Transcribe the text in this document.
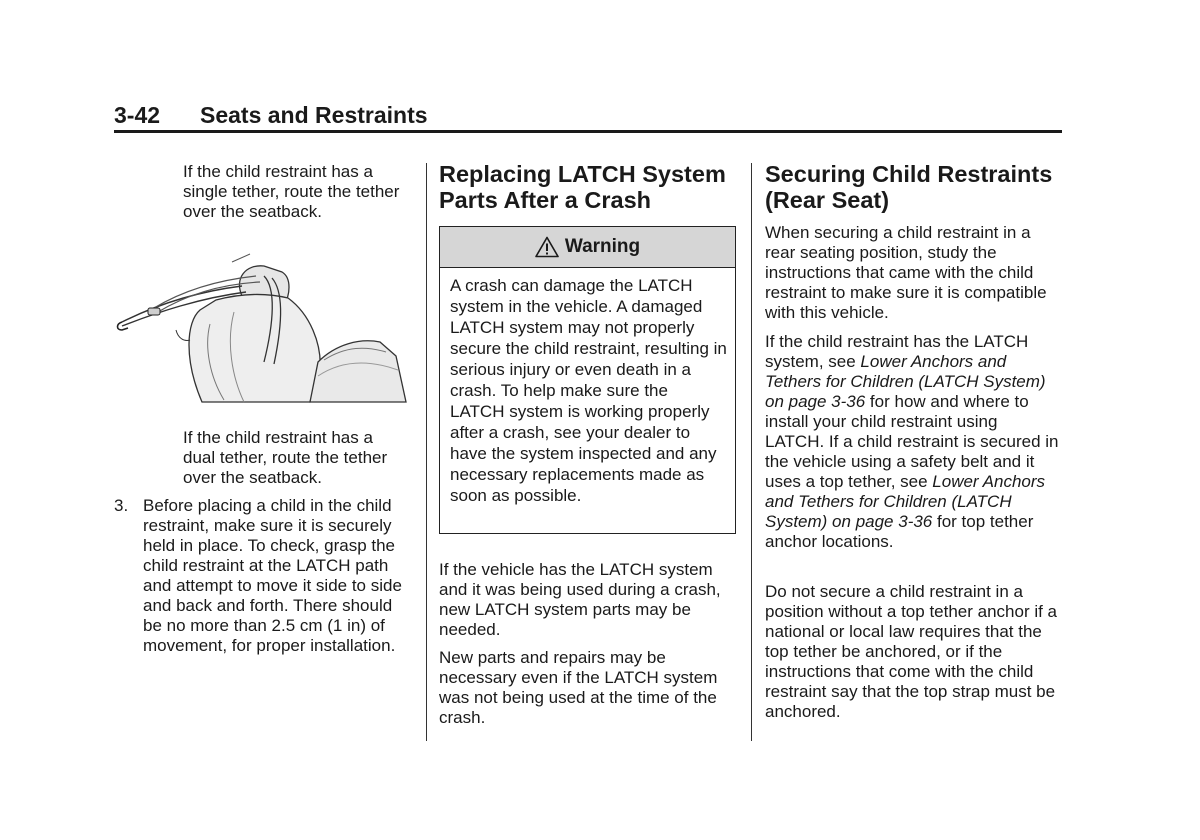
3-42 Seats and Restraints

If the child restraint has a single tether, route the tether over the seatback.

If the child restraint has a dual tether, route the tether over the seatback.

3. Before placing a child in the child restraint, make sure it is securely held in place. To check, grasp the child restraint at the LATCH path and attempt to move it side to side and back and forth. There should be no more than 2.5 cm (1 in) of movement, for proper installation.

Replacing LATCH System Parts After a Crash
Warning

A crash can damage the LATCH system in the vehicle. A damaged LATCH system may not properly secure the child restraint, resulting in serious injury or even death in a crash. To help make sure the LATCH system is working properly after a crash, see your dealer to have the system inspected and any necessary replacements made as soon as possible.

If the vehicle has the LATCH system and it was being used during a crash, new LATCH system parts may be needed.

New parts and repairs may be necessary even if the LATCH system was not being used at the time of the crash.

Securing Child Restraints (Rear Seat)

When securing a child restraint in a rear seating position, study the instructions that came with the child restraint to make sure it is compatible with this vehicle.

If the child restraint has the LATCH system, see Lower Anchors and Tethers for Children (LATCH System) on page 3-36 for how and where to install your child restraint using LATCH. If a child restraint is secured in the vehicle using a safety belt and it uses a top tether, see Lower Anchors and Tethers for Children (LATCH System) on page 3-36 for top tether anchor locations.

Do not secure a child restraint in a position without a top tether anchor if a national or local law requires that the top tether be anchored, or if the instructions that come with the child restraint say that the top strap must be anchored.
